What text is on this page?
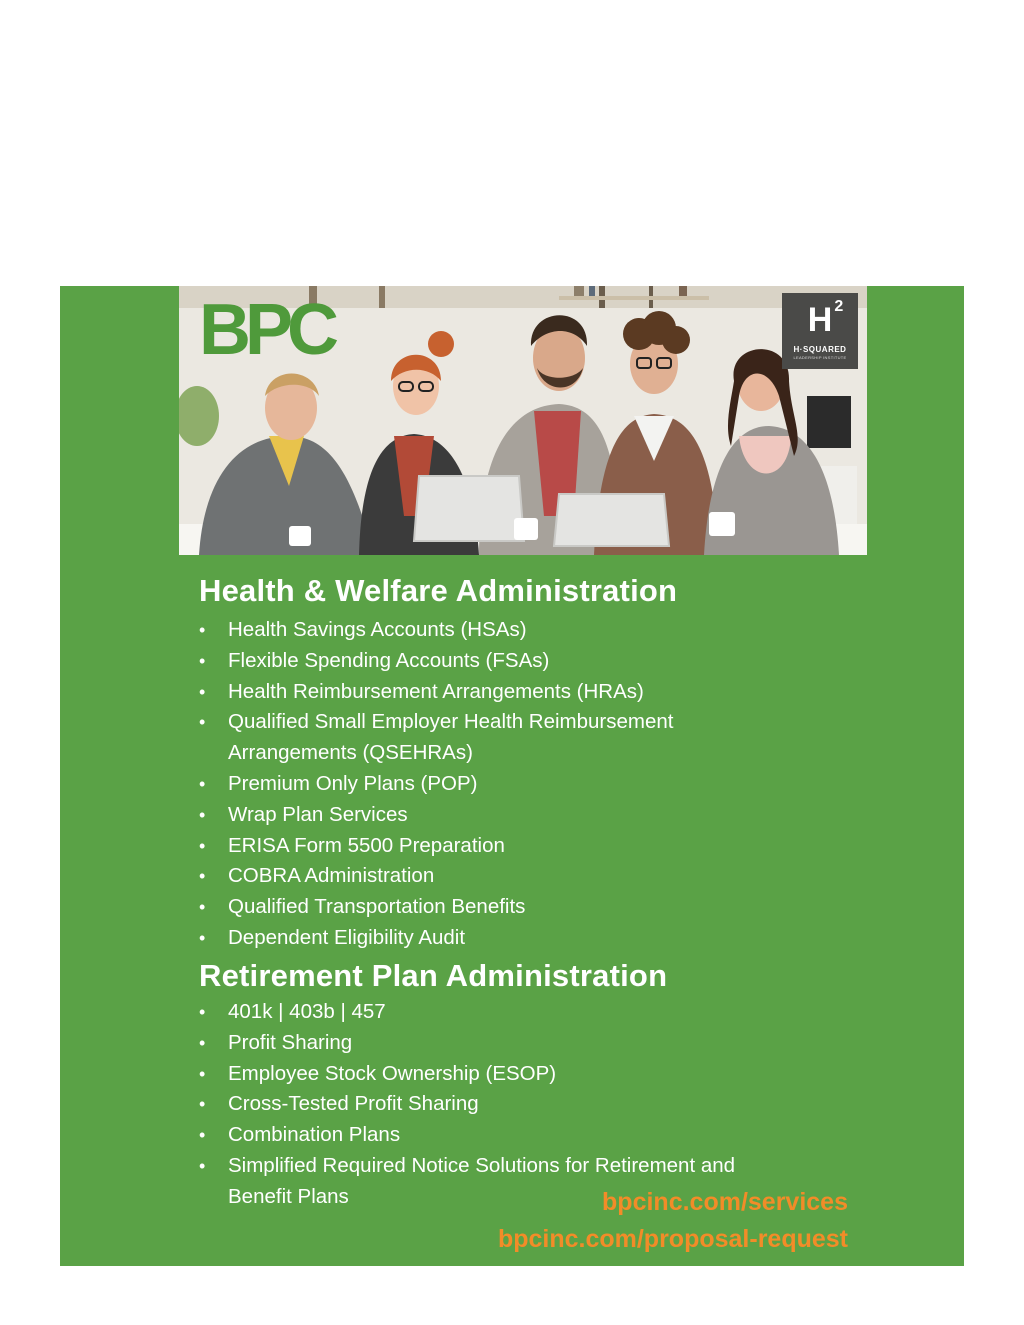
BPC	H 2
H·SQUARED
LEADERSHIP INSTITUTE
Health & Welfare Administration
• Health Savings Accounts (HSAs)
• Flexible Spending Accounts (FSAs)
• Health Reimbursement Arrangements (HRAs)
• Qualified Small Employer Health Reimbursement Arrangements (QSEHRAs)
• Premium Only Plans (POP)
• Wrap Plan Services
• ERISA Form 5500 Preparation
• COBRA Administration
• Qualified Transportation Benefits
• Dependent Eligibility Audit
Retirement Plan Administration
• 401k | 403b | 457
• Profit Sharing
• Employee Stock Ownership (ESOP)
• Cross-Tested Profit Sharing
• Combination Plans
• Simplified Required Notice Solutions for Retirement and Benefit Plans	bpcinc.com/services
bpcinc.com/proposal-request
